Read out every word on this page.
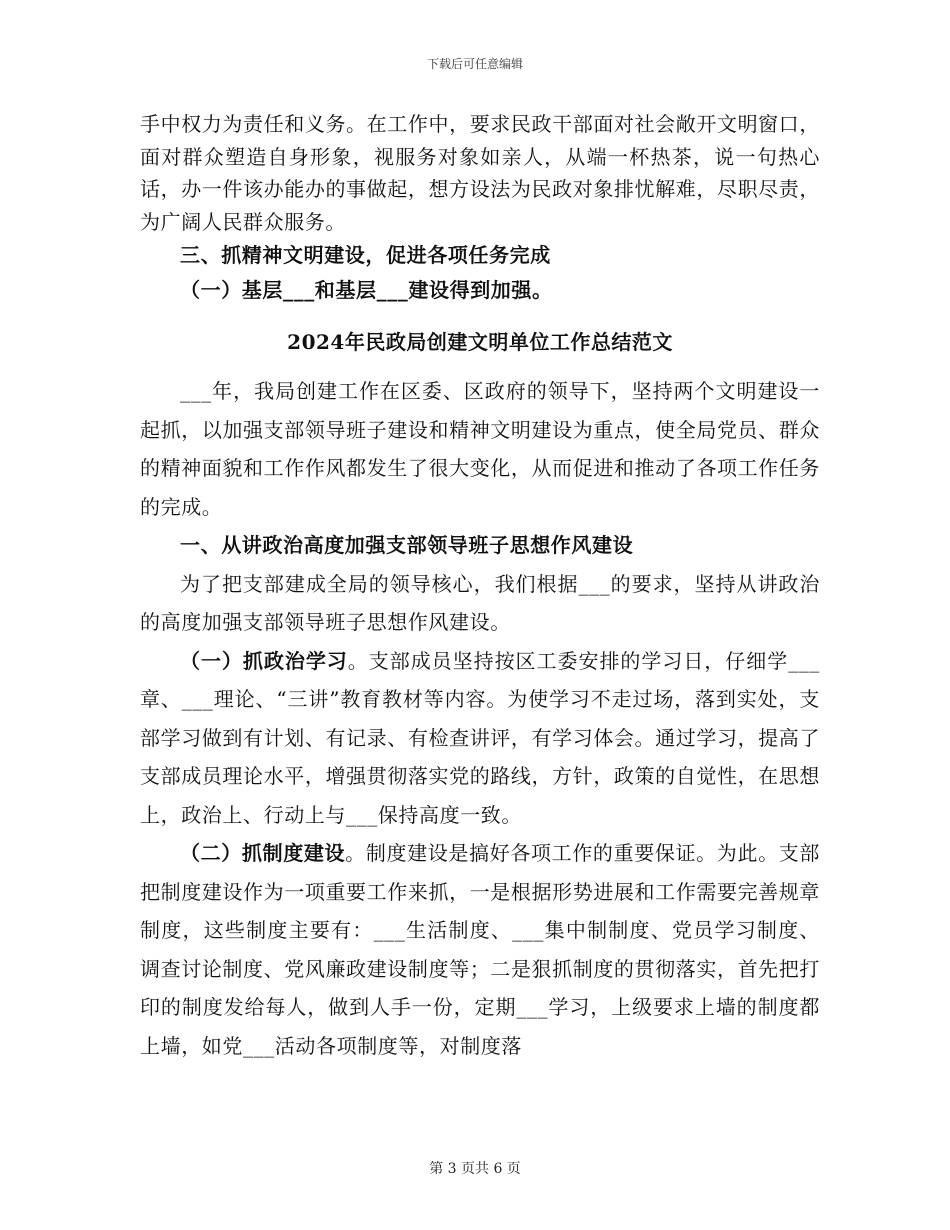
下载后可任意编辑

手中权力为责任和义务。在工作中，要求民政干部面对社会敞开文明窗口，面对群众塑造自身形象，视服务对象如亲人，从端一杯热茶，说一句热心话，办一件该办能办的事做起，想方设法为民政对象排忧解难，尽职尽责，为广阔人民群众服务。

三、抓精神文明建设，促进各项任务完成

（一）基层___和基层___建设得到加强。

2024年民政局创建文明单位工作总结范文

___年，我局创建工作在区委、区政府的领导下，坚持两个文明建设一起抓，以加强支部领导班子建设和精神文明建设为重点，使全局党员、群众的精神面貌和工作作风都发生了很大变化，从而促进和推动了各项工作任务的完成。

一、从讲政治高度加强支部领导班子思想作风建设

为了把支部建成全局的领导核心，我们根据___的要求，坚持从讲政治的高度加强支部领导班子思想作风建设。

（一）抓政治学习。支部成员坚持按区工委安排的学习日，仔细学___章、___理论、“三讲”教育教材等内容。为使学习不走过场，落到实处，支部学习做到有计划、有记录、有检查讲评，有学习体会。通过学习，提高了支部成员理论水平，增强贯彻落实党的路线，方针，政策的自觉性，在思想上，政治上、行动上与___保持高度一致。

（二）抓制度建设。制度建设是搞好各项工作的重要保证。为此。支部把制度建设作为一项重要工作来抓，一是根据形势进展和工作需要完善规章制度，这些制度主要有：___生活制度、___集中制制度、党员学习制度、调查讨论制度、党风廉政建设制度等；二是狠抓制度的贯彻落实，首先把打印的制度发给每人，做到人手一份，定期___学习，上级要求上墙的制度都上墙，如党___活动各项制度等，对制度落

第 3 页共 6 页
